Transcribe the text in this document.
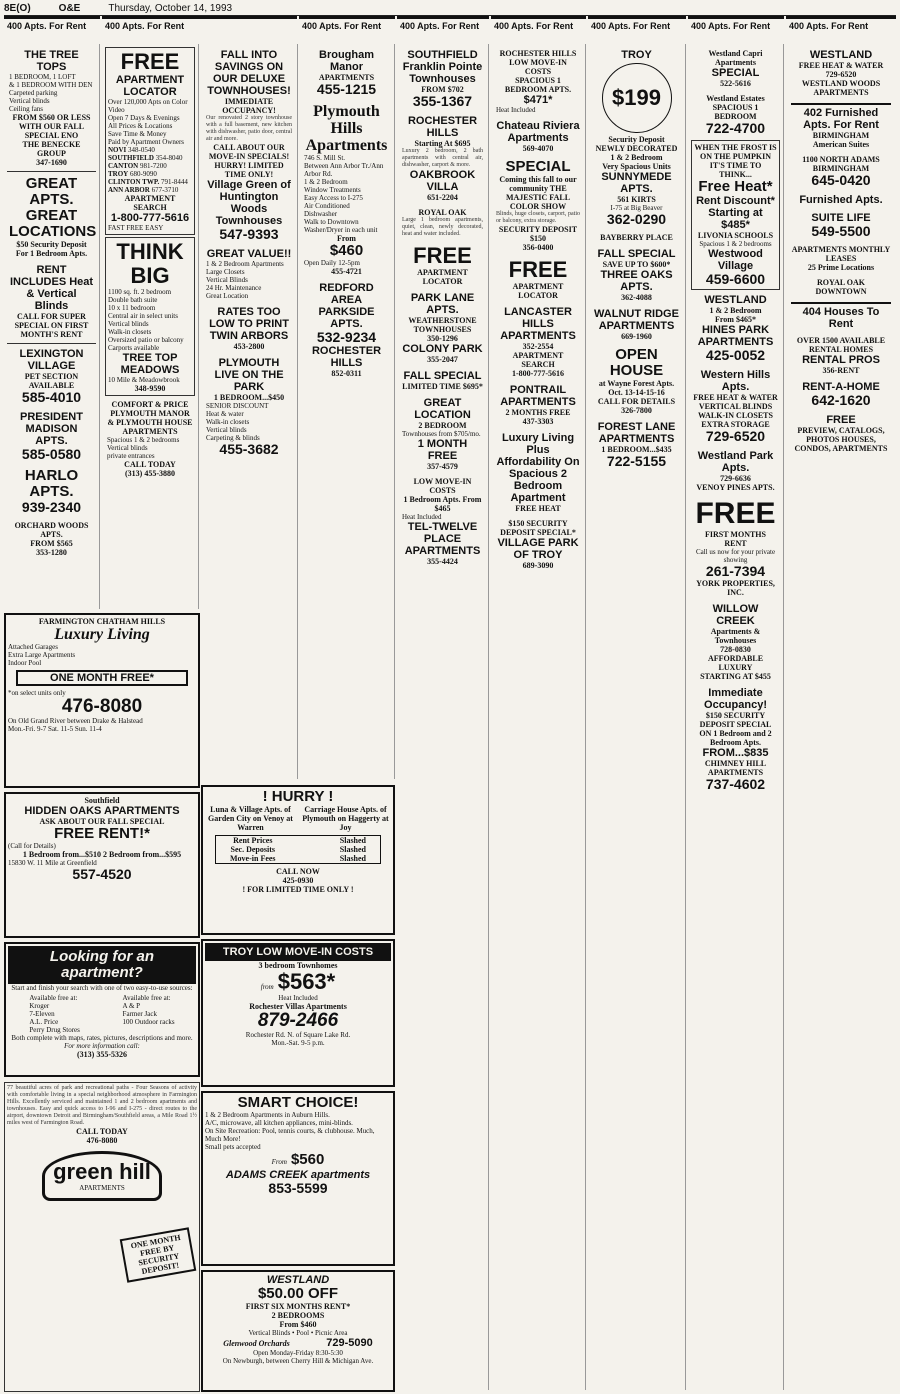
8E(O)	O&E	Thursday, October 14, 1993
400 Apts. For Rent	400 Apts. For Rent	400 Apts. For Rent	400 Apts. For Rent	400 Apts. For Rent	400 Apts. For Rent	400 Apts. For Rent	400 Apts. For Rent
THE TREE TOPS
1 BEDROOM, 1 LOFT
& 1 BEDROOM WITH DEN
Carpeted parking
Vertical blinds
Ceiling fans
FROM $560 OR LESS WITH OUR FALL SPECIAL ENO
THE BENECKE GROUP
347-1690
GREAT APTS. GREAT LOCATIONS
$50 Security Deposit
For 1 Bedroom Apts.
RENT INCLUDES Heat & Vertical Blinds
CALL FOR SUPER SPECIAL ON FIRST MONTH'S RENT
LEXINGTON VILLAGE
PET SECTION AVAILABLE
585-4010
PRESIDENT MADISON APTS.
585-0580
HARLO APTS.
939-2340
ORCHARD WOODS APTS.
FROM $565
353-1280
FREE
APARTMENT LOCATOR
Over 120,000 Apts on Color Video
Open 7 Days & Evenings
All Prices & Locations
Save Time & Money
Paid by Apartment Owners
NOVI 348-0540
SOUTHFIELD 354-8040
CANTON 981-7200
TROY 680-9090
CLINTON TWP. 791-8444
ANN ARBOR 677-3710
APARTMENT SEARCH
1-800-777-5616
FAST FREE EASY
THINK BIG
1100 sq. ft. 2 bedroom
Double bath suite
10 x 11 bedroom
Central air in select units
Vertical blinds
Walk-in closets
Oversized patio or balcony
Carports available
TREE TOP MEADOWS
10 Mile & Meadowbrook
348-9590
COMFORT & PRICE
PLYMOUTH MANOR & PLYMOUTH HOUSE APARTMENTS
Spacious 1 & 2 bedrooms
Vertical blinds
private entrances
CALL TODAY
(313) 455-3880
FALL INTO SAVINGS ON OUR DELUXE TOWNHOUSES!
IMMEDIATE OCCUPANCY!
Our renovated 2 story townhouse with a full basement, new kitchen with dishwasher, patio door, central air and more.
CALL ABOUT OUR MOVE-IN SPECIALS!
HURRY! LIMITED TIME ONLY!
Village Green of Huntington Woods Townhouses
547-9393
GREAT VALUE!!
1 & 2 Bedroom Apartments
Large Closets
Vertical Blinds
24 Hr. Maintenance
Great Location
RATES TOO LOW TO PRINT
TWIN ARBORS
453-2800
PLYMOUTH LIVE ON THE PARK
1 BEDROOM...$450
SENIOR DISCOUNT
Heat & water
Walk-in closets
Vertical blinds
Carpeting & blinds
455-3682
Brougham Manor
APARTMENTS
455-1215
Plymouth Hills Apartments
746 S. Mill St.
Between Ann Arbor Tr./Ann Arbor Rd.
1 & 2 Bedroom
Window Treatments
Easy Access to I-275
Air Conditioned
Dishwasher
Walk to Downtown
Washer/Dryer in each unit
From
$460
Open Daily 12-5pm
455-4721
REDFORD AREA
PARKSIDE APTS.
532-9234
ROCHESTER HILLS
852-0311
FARMINGTON CHATHAM HILLS
Luxury Living
Attached Garages
Extra Large Apartments
Indoor Pool
ONE MONTH FREE*
*on select units only
476-8080
On Old Grand River between Drake & Halstead
Mon.-Fri. 9-7 Sat. 11-5 Sun. 11-4
Southfield
HIDDEN OAKS APARTMENTS
ASK ABOUT OUR FALL SPECIAL
FREE RENT!*
(Call for Details)
1 Bedroom from...$510 2 Bedroom from...$595
15830 W. 11 Mile at Greenfield
557-4520
Looking for an apartment?
Start and finish your search with one of two easy-to-use sources:
Available free at:
Kroger
7-Eleven
A.L. Price
Perry Drug Stores
Available free at:
A & P
Farmer Jack
100 Outdoor racks
Both complete with maps, rates, pictures, descriptions and more.
For more information call:
(313) 355-5326
77 beautiful acres of park and recreational paths - Four Seasons of activity with comfortable living in a special neighborhood atmosphere in Farmington Hills. Excellently serviced and maintained 1 and 2 bedroom apartments and townhouses. Easy and quick access to I-96 and I-275 - direct routes to the airport, downtown Detroit and Birmingham/Southfield areas, a Mile Road 1½ miles west of Farmington Road.
CALL TODAY
476-8080
green hill
APARTMENTS
ONE MONTH FREE BY SECURITY DEPOSIT!
! HURRY !
Luna & Village Apts. of Garden City on Venoy at Warren
Carriage House Apts. of Plymouth on Haggerty at Joy
Rent Prices
Sec. Deposits
Move-in Fees
Slashed
Slashed
Slashed
CALL NOW
425-0930
! FOR LIMITED TIME ONLY !
TROY LOW MOVE-IN COSTS
3 bedroom Townhomes
from $563*
Heat Included
Rochester Villas Apartments
879-2466
Rochester Rd. N. of Square Lake Rd.
Mon.-Sat. 9-5 p.m.
SMART CHOICE!
1 & 2 Bedroom Apartments in Auburn Hills.
A/C, microwave, all kitchen appliances, mini-blinds.
On Site Recreation: Pool, tennis courts, & clubhouse. Much, Much More!
Small pets accepted
From $560
ADAMS CREEK apartments
853-5599
WESTLAND
$50.00 OFF
FIRST SIX MONTHS RENT*
2 BEDROOMS
From $460
Vertical Blinds • Pool • Picnic Area
Glenwood Orchards	729-5090
Open Monday-Friday 8:30-5:30
On Newburgh, between Cherry Hill & Michigan Ave.
SOUTHFIELD Franklin Pointe Townhouses
FROM $702
355-1367
ROCHESTER HILLS
Starting At $695
Luxury 2 bedroom, 2 bath apartments with central air, dishwasher, carport & more.
OAKBROOK VILLA
651-2204
ROYAL OAK
Large 1 bedroom apartments, quiet, clean, newly decorated, heat and water included.
FREE
APARTMENT LOCATOR
PARK LANE APTS.
WEATHERSTONE TOWNHOUSES
350-1296
COLONY PARK
355-2047
FALL SPECIAL
LIMITED TIME $695*
GREAT LOCATION
2 BEDROOM
Townhouses from $705/mo.
1 MONTH FREE
357-4579
LOW MOVE-IN COSTS
1 Bedroom Apts. From $465
Heat Included
TEL-TWELVE PLACE APARTMENTS
355-4424
ROCHESTER HILLS
LOW MOVE-IN COSTS
SPACIOUS 1 BEDROOM APTS.
$471*
Heat Included
Chateau Riviera Apartments
569-4070
SPECIAL
Coming this fall to our community THE MAJESTIC FALL COLOR SHOW
Blinds, huge closets, carport, patio or balcony, extra storage.
SECURITY DEPOSIT $150
356-0400
FREE
APARTMENT LOCATOR
LANCASTER HILLS APARTMENTS
352-2554
APARTMENT SEARCH
1-800-777-5616
PONTRAIL APARTMENTS
2 MONTHS FREE
437-3303
Luxury Living Plus Affordability On Spacious 2 Bedroom Apartment
FREE HEAT
$150 SECURITY DEPOSIT SPECIAL*
VILLAGE PARK OF TROY
689-3090
TROY
$199
Security Deposit
NEWLY DECORATED
1 & 2 Bedroom
Very Spacious Units
SUNNYMEDE APTS.
561 KIRTS
I-75 at Big Beaver
362-0290
BAYBERRY PLACE
FALL SPECIAL
SAVE UP TO $600*
THREE OAKS APTS.
362-4088
WALNUT RIDGE APARTMENTS
669-1960
OPEN HOUSE
at Wayne Forest Apts. Oct. 13-14-15-16
CALL FOR DETAILS
326-7800
FOREST LANE APARTMENTS
1 BEDROOM...$435
722-5155
Westland Capri Apartments
SPECIAL
522-5616
Westland Estates
SPACIOUS 1 BEDROOM
722-4700
WHEN THE FROST IS ON THE PUMPKIN IT'S TIME TO THINK...
Free Heat*
Rent Discount*
Starting at $485*
LIVONIA SCHOOLS
Spacious 1 & 2 bedrooms
Westwood Village
459-6600
WESTLAND
1 & 2 Bedroom
From $465*
HINES PARK APARTMENTS
425-0052
Western Hills Apts.
FREE HEAT & WATER
VERTICAL BLINDS
WALK-IN CLOSETS
EXTRA STORAGE
729-6520
Westland Park Apts.
729-6636
VENOY PINES APTS.
FREE
FIRST MONTHS RENT
Call us now for your private showing
261-7394
YORK PROPERTIES, INC.
WILLOW CREEK
Apartments & Townhouses
728-0830
AFFORDABLE LUXURY
STARTING AT $455
Immediate Occupancy!
$150 SECURITY DEPOSIT SPECIAL ON 1 Bedroom and 2 Bedroom Apts.
FROM...$835
CHIMNEY HILL APARTMENTS
737-4602
WESTLAND
FREE HEAT & WATER
729-6520
WESTLAND WOODS APARTMENTS
402 Furnished Apts. For Rent
BIRMINGHAM
American Suites
1100 NORTH ADAMS BIRMINGHAM
645-0420
Furnished Apts.
SUITE LIFE
549-5500
APARTMENTS MONTHLY LEASES
25 Prime Locations
ROYAL OAK DOWNTOWN
404 Houses To Rent
OVER 1500 AVAILABLE RENTAL HOMES
RENTAL PROS
356-RENT
RENT-A-HOME
642-1620
FREE
PREVIEW, CATALOGS, PHOTOS HOUSES, CONDOS, APARTMENTS
